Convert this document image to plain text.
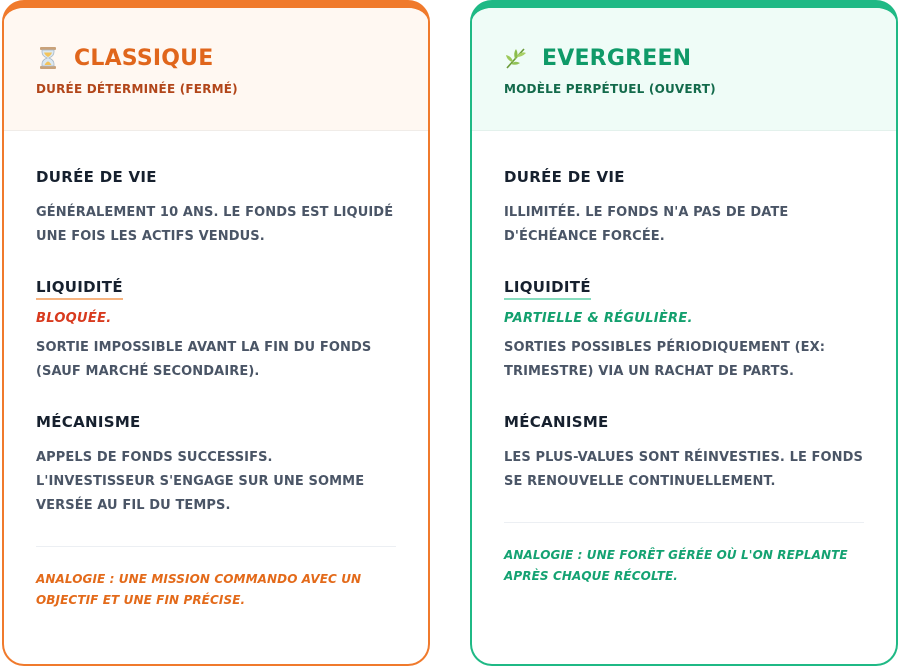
CLASSIQUE
DURÉE DÉTERMINÉE (FERMÉ)
DURÉE DE VIE
GÉNÉRALEMENT 10 ANS. LE FONDS EST LIQUIDÉ UNE FOIS LES ACTIFS VENDUS.
LIQUIDITÉ
BLOQUÉE.
SORTIE IMPOSSIBLE AVANT LA FIN DU FONDS (SAUF MARCHÉ SECONDAIRE).
MÉCANISME
APPELS DE FONDS SUCCESSIFS. L'INVESTISSEUR S'ENGAGE SUR UNE SOMME VERSÉE AU FIL DU TEMPS.
ANALOGIE : UNE MISSION COMMANDO AVEC UN OBJECTIF ET UNE FIN PRÉCISE.
EVERGREEN
MODÈLE PERPÉTUEL (OUVERT)
DURÉE DE VIE
ILLIMITÉE. LE FONDS N'A PAS DE DATE D'ÉCHÉANCE FORCÉE.
LIQUIDITÉ
PARTIELLE & RÉGULIÈRE.
SORTIES POSSIBLES PÉRIODIQUEMENT (EX: TRIMESTRE) VIA UN RACHAT DE PARTS.
MÉCANISME
LES PLUS-VALUES SONT RÉINVESTIES. LE FONDS SE RENOUVELLE CONTINUELLEMENT.
ANALOGIE : UNE FORÊT GÉRÉE OÙ L'ON REPLANTE APRÈS CHAQUE RÉCOLTE.
